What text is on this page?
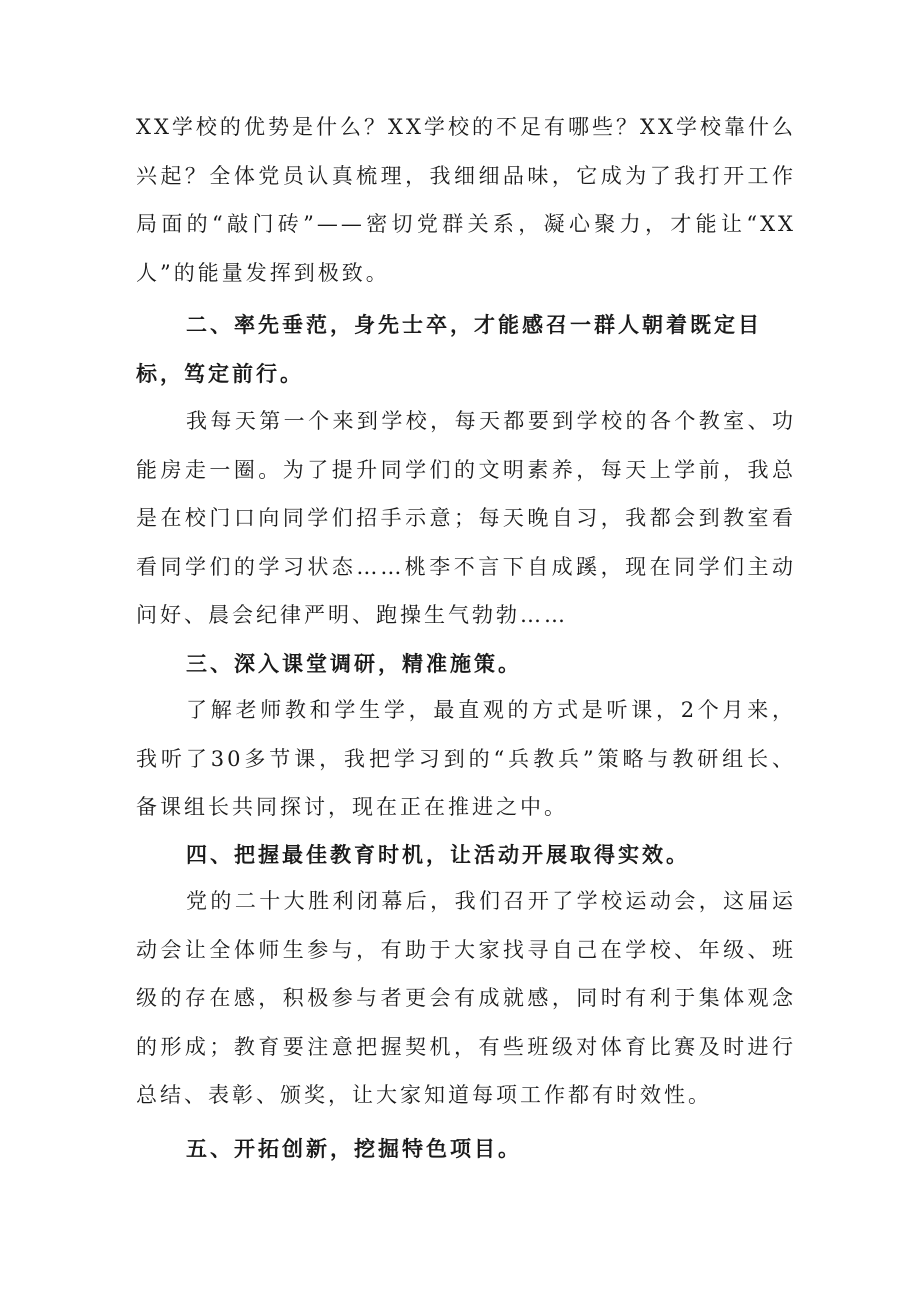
XX学校的优势是什么？XX学校的不足有哪些？XX学校靠什么兴起？全体党员认真梳理，我细细品味，它成为了我打开工作局面的“敲门砖”——密切党群关系，凝心聚力，才能让“XX人”的能量发挥到极致。

二、率先垂范，身先士卒，才能感召一群人朝着既定目标，笃定前行。

我每天第一个来到学校，每天都要到学校的各个教室、功能房走一圈。为了提升同学们的文明素养，每天上学前，我总是在校门口向同学们招手示意；每天晚自习，我都会到教室看看同学们的学习状态……桃李不言下自成蹊，现在同学们主动问好、晨会纪律严明、跑操生气勃勃……

三、深入课堂调研，精准施策。

了解老师教和学生学，最直观的方式是听课，2个月来，我听了30多节课，我把学习到的“兵教兵”策略与教研组长、备课组长共同探讨，现在正在推进之中。

四、把握最佳教育时机，让活动开展取得实效。

党的二十大胜利闭幕后，我们召开了学校运动会，这届运动会让全体师生参与，有助于大家找寻自己在学校、年级、班级的存在感，积极参与者更会有成就感，同时有利于集体观念的形成；教育要注意把握契机，有些班级对体育比赛及时进行总结、表彰、颁奖，让大家知道每项工作都有时效性。

五、开拓创新，挖掘特色项目。
